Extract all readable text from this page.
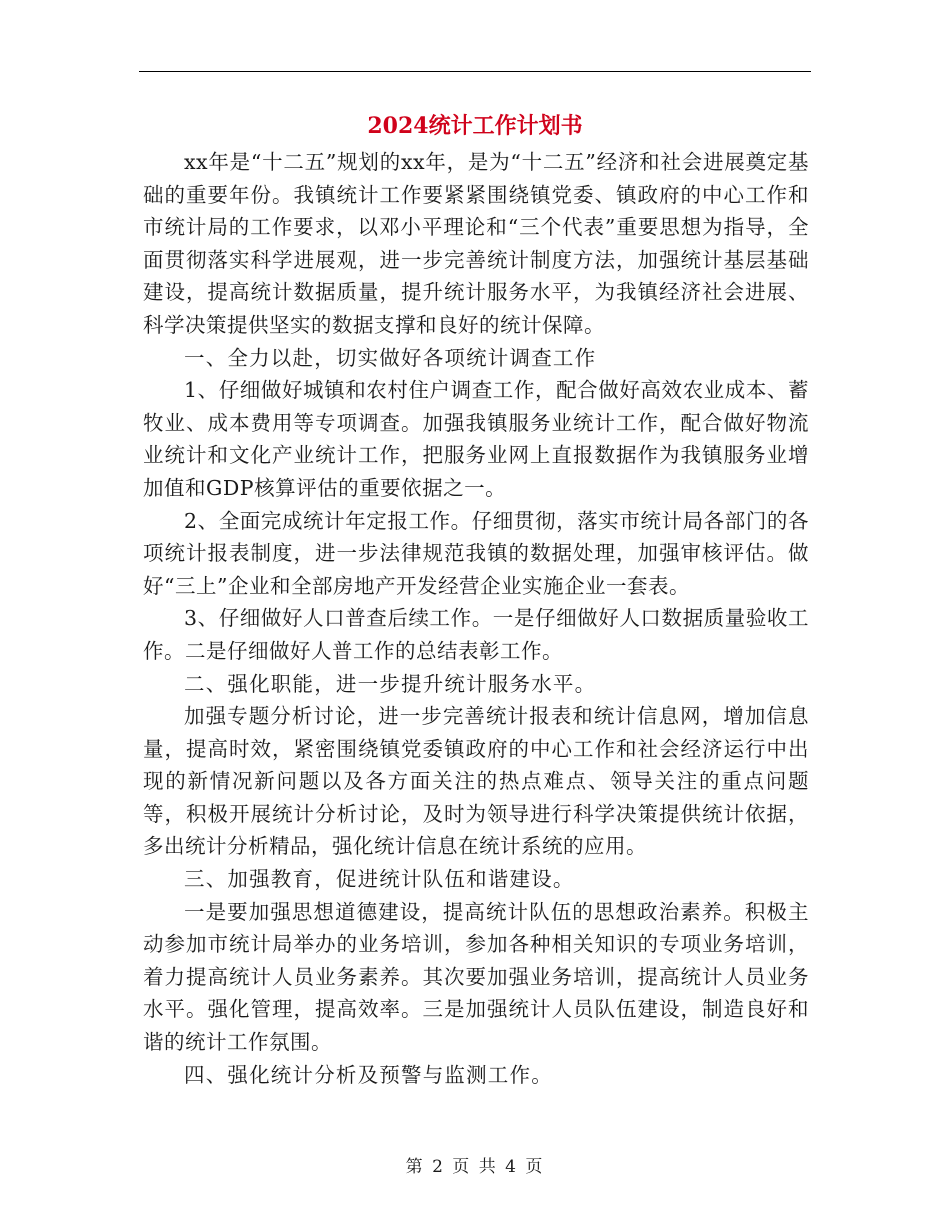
2024统计工作计划书

xx年是“十二五”规划的xx年，是为“十二五”经济和社会进展奠定基础的重要年份。我镇统计工作要紧紧围绕镇党委、镇政府的中心工作和市统计局的工作要求，以邓小平理论和“三个代表”重要思想为指导，全面贯彻落实科学进展观，进一步完善统计制度方法，加强统计基层基础建设，提高统计数据质量，提升统计服务水平，为我镇经济社会进展、科学决策提供坚实的数据支撑和良好的统计保障。

一、全力以赴，切实做好各项统计调查工作

1、仔细做好城镇和农村住户调查工作，配合做好高效农业成本、蓄牧业、成本费用等专项调查。加强我镇服务业统计工作，配合做好物流业统计和文化产业统计工作，把服务业网上直报数据作为我镇服务业增加值和GDP核算评估的重要依据之一。

2、全面完成统计年定报工作。仔细贯彻，落实市统计局各部门的各项统计报表制度，进一步法律规范我镇的数据处理，加强审核评估。做好“三上”企业和全部房地产开发经营企业实施企业一套表。

3、仔细做好人口普查后续工作。一是仔细做好人口数据质量验收工作。二是仔细做好人普工作的总结表彰工作。

二、强化职能，进一步提升统计服务水平。

加强专题分析讨论，进一步完善统计报表和统计信息网，增加信息量，提高时效，紧密围绕镇党委镇政府的中心工作和社会经济运行中出现的新情况新问题以及各方面关注的热点难点、领导关注的重点问题等，积极开展统计分析讨论，及时为领导进行科学决策提供统计依据，多出统计分析精品，强化统计信息在统计系统的应用。

三、加强教育，促进统计队伍和谐建设。

一是要加强思想道德建设，提高统计队伍的思想政治素养。积极主动参加市统计局举办的业务培训，参加各种相关知识的专项业务培训，着力提高统计人员业务素养。其次要加强业务培训，提高统计人员业务水平。强化管理，提高效率。三是加强统计人员队伍建设，制造良好和谐的统计工作氛围。

四、强化统计分析及预警与监测工作。

第 2 页 共 4 页
